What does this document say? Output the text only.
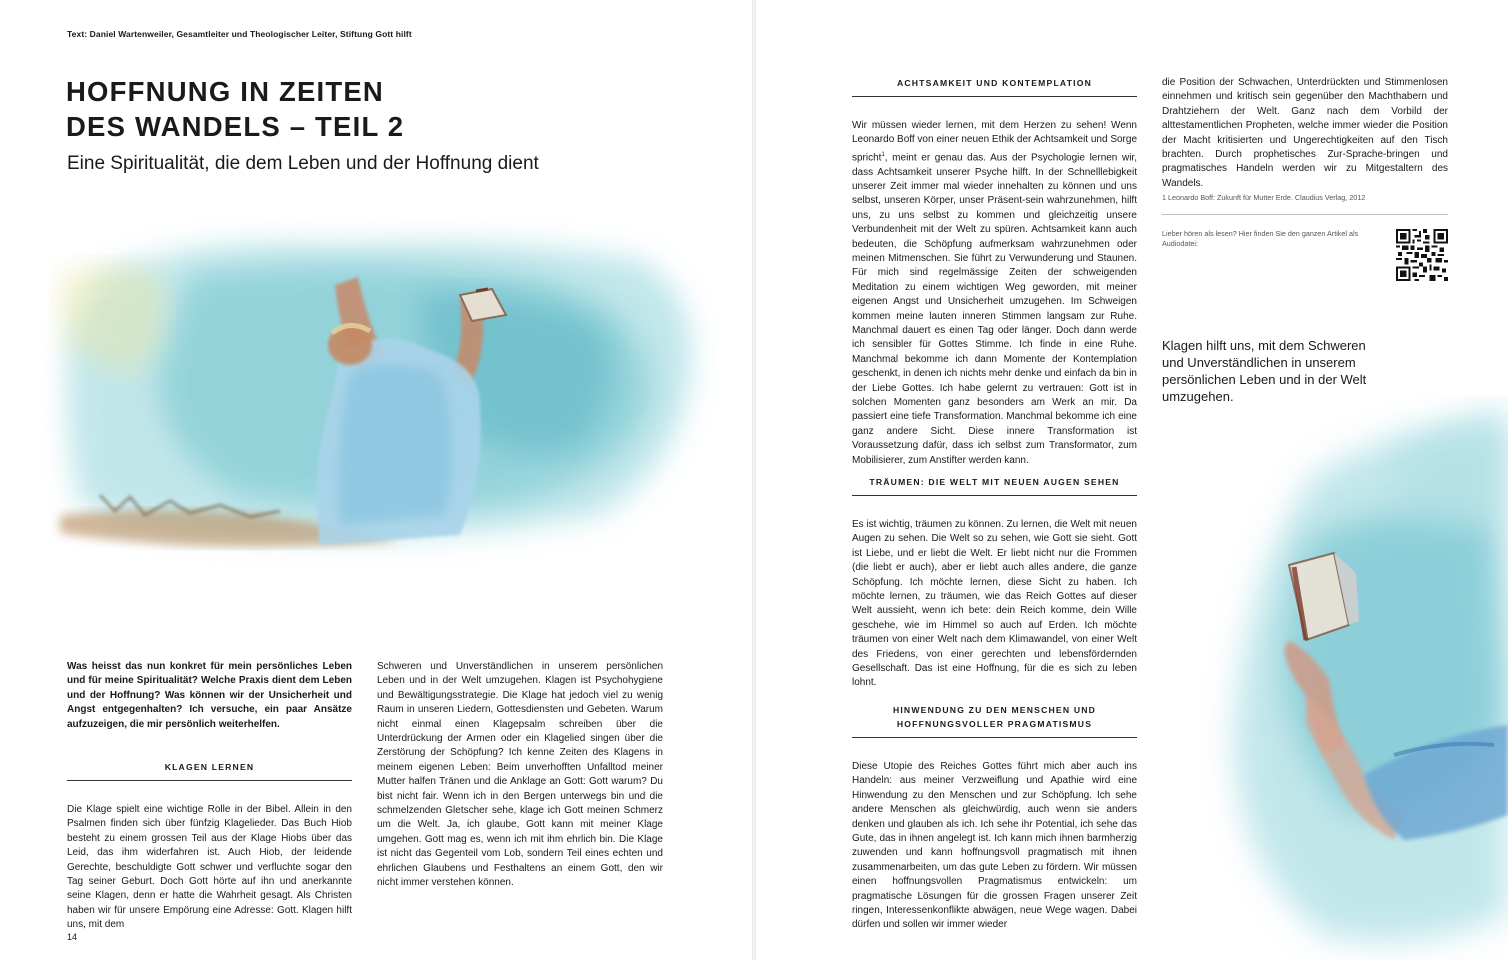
Text: Daniel Wartenweiler, Gesamtleiter und Theologischer Leiter, Stiftung Gott hilft
HOFFNUNG IN ZEITEN
DES WANDELS – TEIL 2
Eine Spiritualität, die dem Leben und der Hoffnung dient

Was heisst das nun konkret für mein persönliches Leben und für meine Spiritualität? Welche Praxis dient dem Leben und der Hoffnung? Was können wir der Unsicherheit und Angst entgegenhalten? Ich versuche, ein paar Ansätze aufzuzeigen, die mir persönlich weiterhelfen.

KLAGEN LERNEN

Die Klage spielt eine wichtige Rolle in der Bibel. Allein in den Psalmen finden sich über fünfzig Klagelieder. Das Buch Hiob besteht zu einem grossen Teil aus der Klage Hiobs über das Leid, das ihm widerfahren ist. Auch Hiob, der leidende Gerechte, beschuldigte Gott schwer und verfluchte sogar den Tag seiner Geburt. Doch Gott hörte auf ihn und anerkannte seine Klagen, denn er hatte die Wahrheit gesagt. Als Christen haben wir für unsere Empörung eine Adresse: Gott. Klagen hilft uns, mit dem

Schweren und Unverständlichen in unserem persönlichen Leben und in der Welt umzugehen. Klagen ist Psychohygiene und Bewältigungsstrategie. Die Klage hat jedoch viel zu wenig Raum in unseren Liedern, Gottesdiensten und Gebeten. Warum nicht einmal einen Klagepsalm schreiben über die Unterdrückung der Armen oder ein Klagelied singen über die Zerstörung der Schöpfung? Ich kenne Zeiten des Klagens in meinem eigenen Leben: Beim unverhofften Unfalltod meiner Mutter halfen Tränen und die Anklage an Gott: Gott warum? Du bist nicht fair. Wenn ich in den Bergen unterwegs bin und die schmelzenden Gletscher sehe, klage ich Gott meinen Schmerz um die Welt. Ja, ich glaube, Gott kann mit meiner Klage umgehen. Gott mag es, wenn ich mit ihm ehrlich bin. Die Klage ist nicht das Gegenteil vom Lob, sondern Teil eines echten und ehrlichen Glaubens und Festhaltens an einem Gott, den wir nicht immer verstehen können.

14
ACHTSAMKEIT UND KONTEMPLATION

Wir müssen wieder lernen, mit dem Herzen zu sehen! Wenn Leonardo Boff von einer neuen Ethik der Achtsamkeit und Sorge spricht$^1$, meint er genau das. Aus der Psychologie lernen wir, dass Achtsamkeit unserer Psyche hilft. In der Schnelllebigkeit unserer Zeit immer mal wieder innehalten zu können und uns selbst, unseren Körper, unser Präsent-sein wahrzunehmen, hilft uns, zu uns selbst zu kommen und gleichzeitig unsere Verbundenheit mit der Welt zu spüren. Achtsamkeit kann auch bedeuten, die Schöpfung aufmerksam wahrzunehmen oder meinen Mitmenschen. Sie führt zu Verwunderung und Staunen. Für mich sind regelmässige Zeiten der schweigenden Meditation zu einem wichtigen Weg geworden, mit meiner eigenen Angst und Unsicherheit umzugehen. Im Schweigen kommen meine lauten inneren Stimmen langsam zur Ruhe. Manchmal dauert es einen Tag oder länger. Doch dann werde ich sensibler für Gottes Stimme. Ich finde in eine Ruhe. Manchmal bekomme ich dann Momente der Kontemplation geschenkt, in denen ich nichts mehr denke und einfach da bin in der Liebe Gottes. Ich habe gelernt zu vertrauen: Gott ist in solchen Momenten ganz besonders am Werk an mir. Da passiert eine tiefe Transformation. Manchmal bekomme ich eine ganz andere Sicht. Diese innere Transformation ist Voraussetzung dafür, dass ich selbst zum Transformator, zum Mobilisierer, zum Anstifter werden kann.

TRÄUMEN: DIE WELT MIT NEUEN AUGEN SEHEN

Es ist wichtig, träumen zu können. Zu lernen, die Welt mit neuen Augen zu sehen. Die Welt so zu sehen, wie Gott sie sieht. Gott ist Liebe, und er liebt die Welt. Er liebt nicht nur die Frommen (die liebt er auch), aber er liebt auch alles andere, die ganze Schöpfung. Ich möchte lernen, diese Sicht zu haben. Ich möchte lernen, zu träumen, wie das Reich Gottes auf dieser Welt aussieht, wenn ich bete: dein Reich komme, dein Wille geschehe, wie im Himmel so auch auf Erden. Ich möchte träumen von einer Welt nach dem Klimawandel, von einer Welt des Friedens, von einer gerechten und lebensfördernden Gesellschaft. Das ist eine Hoffnung, für die es sich zu leben lohnt.

HINWENDUNG ZU DEN MENSCHEN UND
HOFFNUNGSVOLLER PRAGMATISMUS

Diese Utopie des Reiches Gottes führt mich aber auch ins Handeln: aus meiner Verzweiflung und Apathie wird eine Hinwendung zu den Menschen und zur Schöpfung. Ich sehe andere Menschen als gleichwürdig, auch wenn sie anders denken und glauben als ich. Ich sehe ihr Potential, ich sehe das Gute, das in ihnen angelegt ist. Ich kann mich ihnen barmherzig zuwenden und kann hoffnungsvoll pragmatisch mit ihnen zusammenarbeiten, um das gute Leben zu fördern. Wir müssen einen hoffnungsvollen Pragmatismus entwickeln: um pragmatische Lösungen für die grossen Fragen unserer Zeit ringen, Interessenkonflikte abwägen, neue Wege wagen. Dabei dürfen und sollen wir immer wieder

die Position der Schwachen, Unterdrückten und Stimmenlosen einnehmen und kritisch sein gegenüber den Machthabern und Drahtziehern der Welt. Ganz nach dem Vorbild der alttestamentlichen Propheten, welche immer wieder die Position der Macht kritisierten und Ungerechtigkeiten auf den Tisch brachten. Durch prophetisches Zur-Sprache-bringen und pragmatisches Handeln werden wir zu Mitgestaltern des Wandels.

1 Leonardo Boff: Zukunft für Mutter Erde. Claudius Verlag, 2012
Lieber hören als lesen? Hier finden Sie den ganzen Artikel als Audiodatei:
Klagen hilft uns, mit dem Schweren und Unverständlichen in unserem persönlichen Leben und in der Welt umzugehen.
